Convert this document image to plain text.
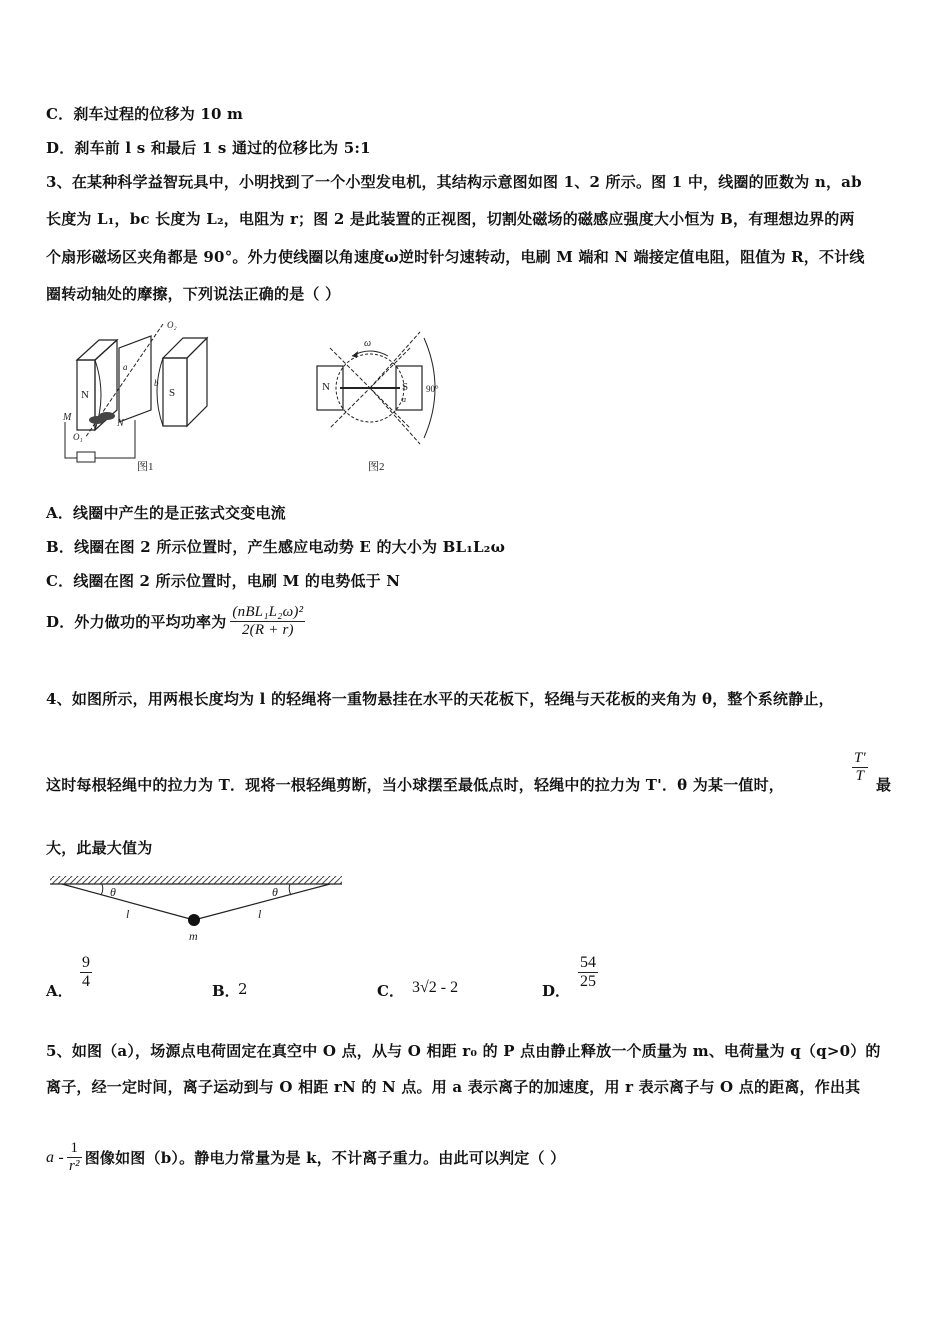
C．刹车过程的位移为 10 m
D．刹车前 l s 和最后 1 s 通过的位移比为 5:1
3、在某种科学益智玩具中，小明找到了一个小型发电机，其结构示意图如图 1、2 所示。图 1 中，线圈的匝数为 n，ab
长度为 L₁，bc 长度为 L₂，电阻为 r；图 2 是此装置的正视图，切割处磁场的磁感应强度大小恒为 B，有理想边界的两
个扇形磁场区夹角都是 90°。外力使线圈以角速度ω逆时针匀速转动，电刷 M 端和 N 端接定值电阻，阻值为 R，不计线
圈转动轴处的摩擦，下列说法正确的是（ ）
N	S
a
b
O₂
M
N
O₁
图1
N	S
a
ω
90°
图2
A．线圈中产生的是正弦式交变电流
B．线圈在图 2 所示位置时，产生感应电动势 E 的大小为 BL₁L₂ω
C．线圈在图 2 所示位置时，电刷 M 的电势低于 N
D．外力做功的平均功率为 $\frac{\text{(nBL₁L₂ω)²}}{2(R + r)}$
4、如图所示，用两根长度均为 l 的轻绳将一重物悬挂在水平的天花板下，轻绳与天花板的夹角为 θ，整个系统静止，
这时每根轻绳中的拉力为 T．现将一根轻绳剪断，当小球摆至最低点时，轻绳中的拉力为 T'．θ 为某一值时，
T′
T 最
大，此最大值为
θ	θ
l	l
m
A．
9
4
B．
2	C． 3√2 - 2	D．
54
25
5、如图（a），场源点电荷固定在真空中 O 点，从与 O 相距 r₀ 的 P 点由静止释放一个质量为 m、电荷量为 q（q>0）的
离子，经一定时间，离子运动到与 O 相距 rN 的 N 点。用 a 表示离子的加速度，用 r 表示离子与 O 点的距离，作出其
a - $\frac{1}{\text{r²}}$ 图像如图（b）。静电力常量为是 k，不计离子重力。由此可以判定（ ）
